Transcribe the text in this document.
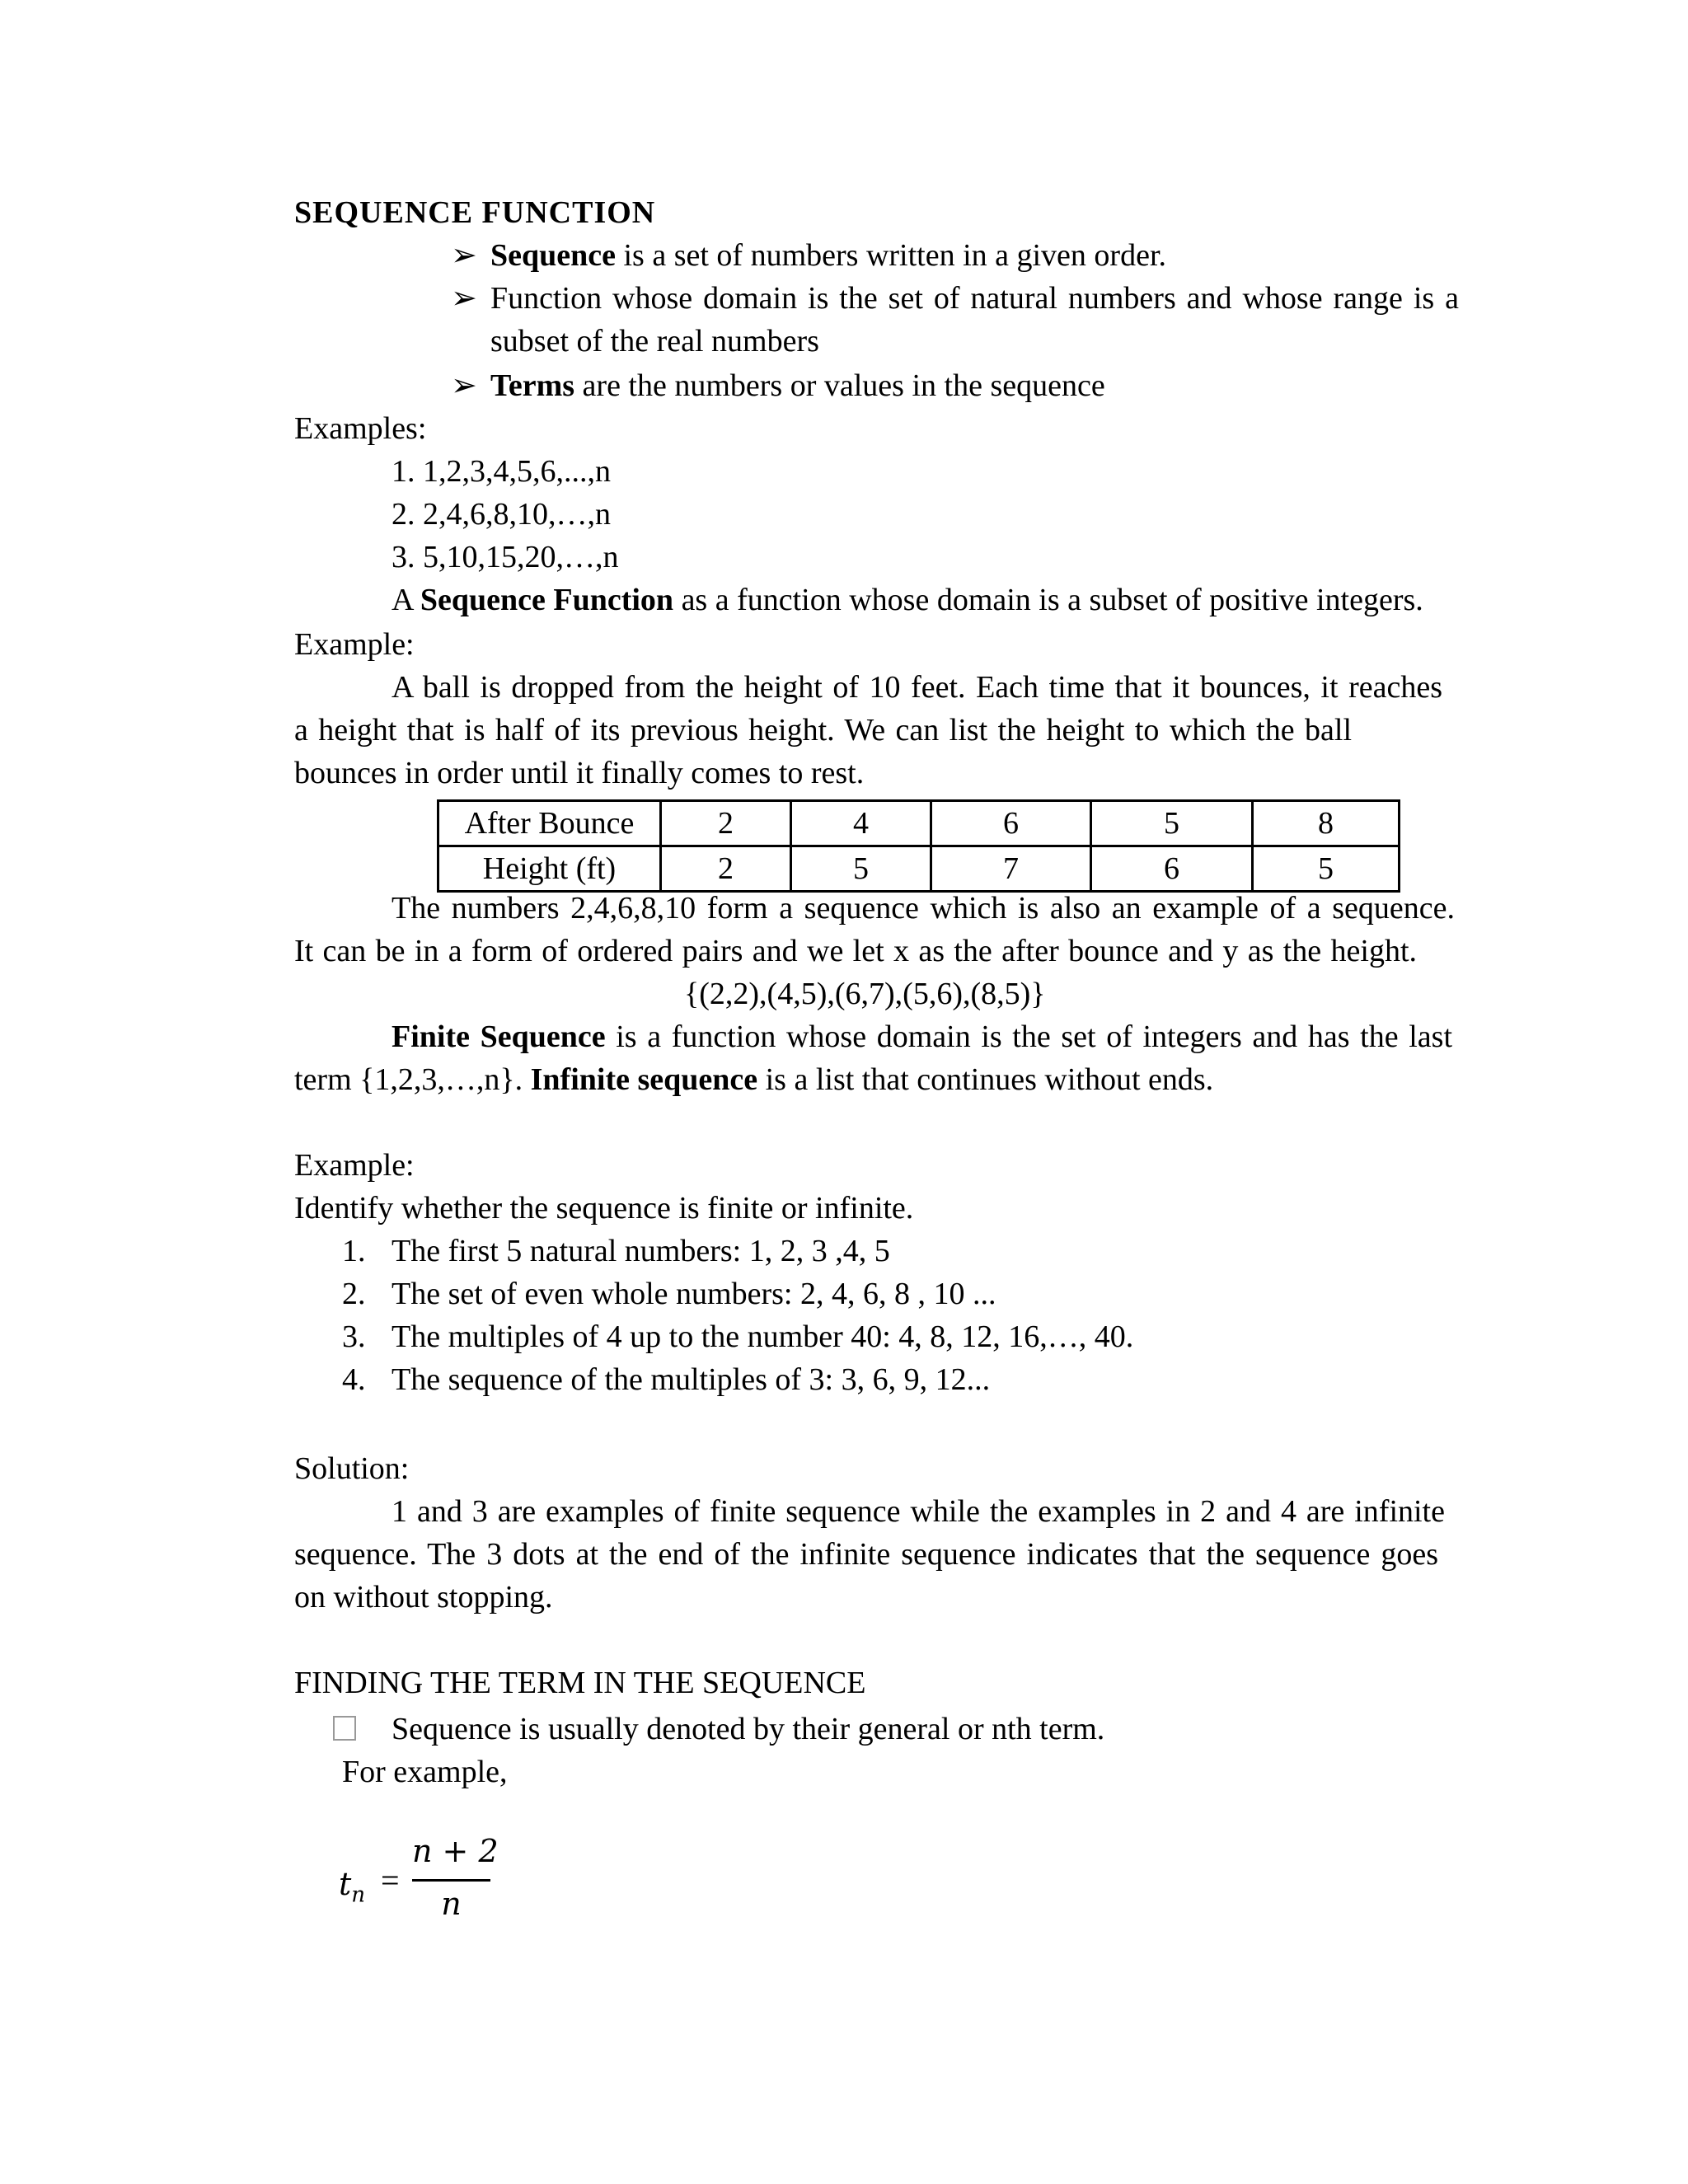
SEQUENCE FUNCTION
➢ Sequence is a set of numbers written in a given order.
➢ Function whose domain is the set of natural numbers and whose range is a
subset of the real numbers
➢ Terms are the numbers or values in the sequence
Examples:
1. 1,2,3,4,5,6,...,n
2. 2,4,6,8,10,…,n
3. 5,10,15,20,…,n
A Sequence Function as a function whose domain is a subset of positive integers.
Example:
A ball is dropped from the height of 10 feet. Each time that it bounces, it reaches
a height that is half of its previous height. We can list the height to which the ball
bounces in order until it finally comes to rest.
After Bounce	2	4	6	5	8
Height (ft)	2	5	7	6	5
The numbers 2,4,6,8,10 form a sequence which is also an example of a sequence.
It can be in a form of ordered pairs and we let x as the after bounce and y as the height.
{(2,2),(4,5),(6,7),(5,6),(8,5)}
Finite Sequence is a function whose domain is the set of integers and has the last
term {1,2,3,…,n}. Infinite sequence is a list that continues without ends.
Example:
Identify whether the sequence is finite or infinite.
1. The first 5 natural numbers: 1, 2, 3 ,4, 5
2. The set of even whole numbers: 2, 4, 6, 8 , 10 ...
3. The multiples of 4 up to the number 40: 4, 8, 12, 16,…, 40.
4. The sequence of the multiples of 3: 3, 6, 9, 12...
Solution:
1 and 3 are examples of finite sequence while the examples in 2 and 4 are infinite
sequence. The 3 dots at the end of the infinite sequence indicates that the sequence goes
on without stopping.
FINDING THE TERM IN THE SEQUENCE
Sequence is usually denoted by their general or nth term.
For example,
$t_n$ =
n + 2
n
